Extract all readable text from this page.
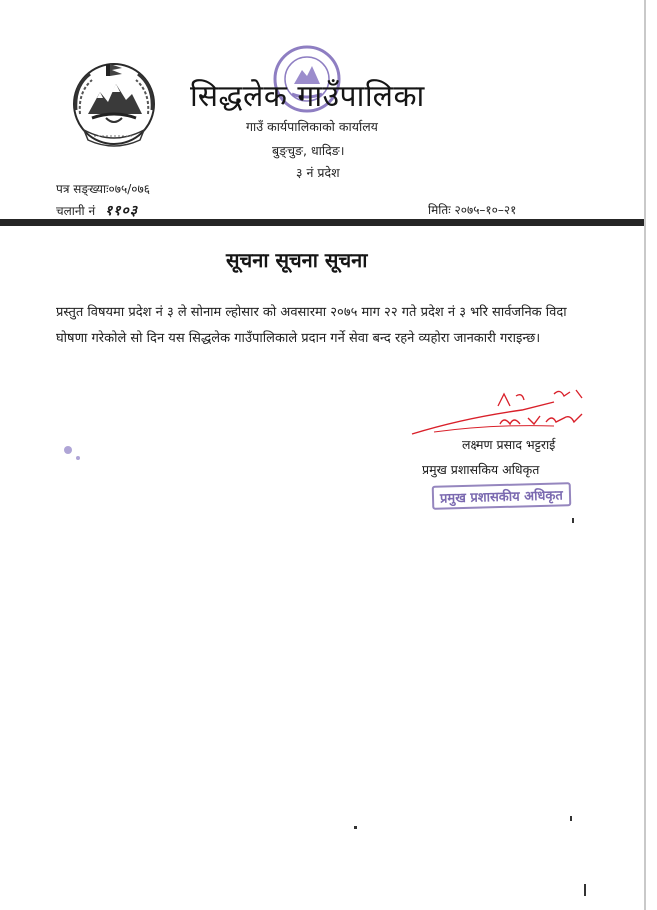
सिद्धलेक गाउँपालिका
गाउँ कार्यपालिकाको कार्यालय
बुङ्चुङ, धादिङ।
३ नं प्रदेश
पत्र सङ्ख्याः०७५/०७६
चलानी नं ११०३	मितिः २०७५–१०–२१
सूचना सूचना सूचना

प्रस्तुत विषयमा प्रदेश नं ३ ले सोनाम ल्होसार को अवसारमा २०७५ माग २२ गते प्रदेश नं ३ भरि सार्वजनिक विदा घोषणा गरेकोले सो दिन यस सिद्धलेक गाउँपालिकाले प्रदान गर्ने सेवा बन्द रहने व्यहोरा जानकारी गराइन्छ।

लक्ष्मण प्रसाद भट्टराई
प्रमुख प्रशासकिय अधिकृत
प्रमुख प्रशासकीय अधिकृत
